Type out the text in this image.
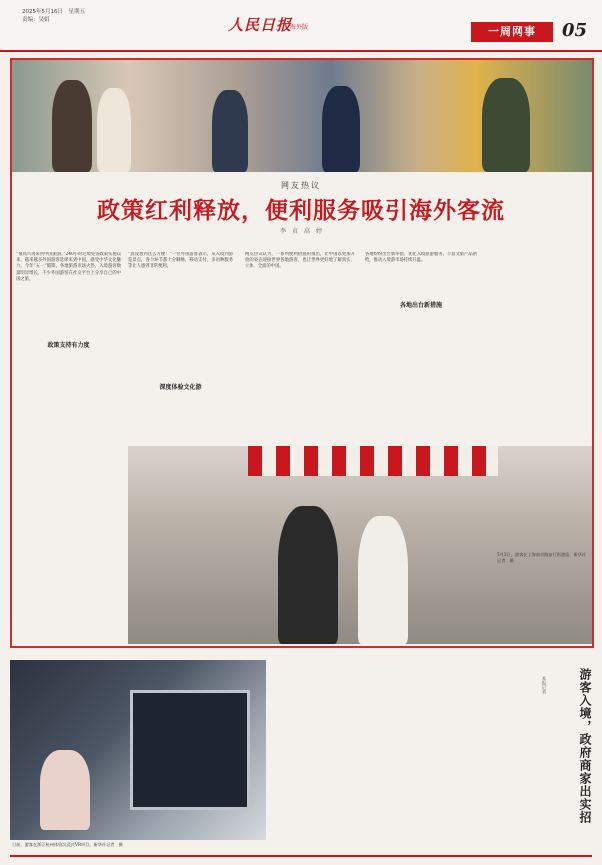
2025年5月16日　星期五
责编：吴娟	人民日报
海外版	一周网事	05
网友热议
政策红利释放，便利服务吸引海外客流
李　贞　高　婷

“很高兴再来到中国旅游。”240小时过境免签政策实施以来，越来越多外国游客选择来到中国，感受中华文化魅力。今年“五一”假期，各地旅游市场火热，入境游客数量明显增长，不少外国游客在社交平台上分享自己的中国之旅。

政策支持有力度

“真没想到这么方便！”一位外国游客表示，从入境到游览景点，各个环节都十分顺畅，移动支付、多语种服务等让人感到非常便利。

深度体验文化游

网友热议认为，一系列便利措施的推出，让中国以更加开放的姿态迎接世界各地游客，也让世界更好地了解真实、立体、全面的中国。

各地纷纷出台新举措，优化入境旅游服务，丰富文旅产品供给，推动入境游市场持续升温。

各地出台新措施
5月3日，游客在上海南京路步行街游览。新华社记者　摄
日前，游客在浙江杭州体验沉浸式VR项目。新华社记者　摄
本报记者	游客入境，政府商家出实招
